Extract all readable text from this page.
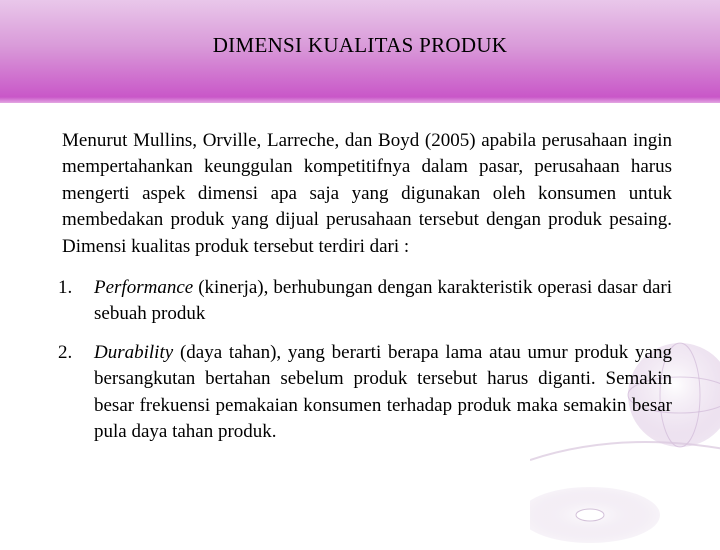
DIMENSI KUALITAS PRODUK

Menurut Mullins, Orville, Larreche, dan Boyd (2005) apabila perusahaan ingin mempertahankan keunggulan kompetitifnya dalam pasar, perusahaan harus mengerti aspek dimensi apa saja yang digunakan oleh konsumen untuk membedakan produk yang dijual perusahaan tersebut dengan produk pesaing. Dimensi kualitas produk tersebut terdiri dari :

1. Performance (kinerja), berhubungan dengan karakteristik operasi dasar dari sebuah produk
2. Durability (daya tahan), yang berarti berapa lama atau umur produk yang bersangkutan bertahan sebelum produk tersebut harus diganti. Semakin besar frekuensi pemakaian konsumen terhadap produk maka semakin besar pula daya tahan produk.
